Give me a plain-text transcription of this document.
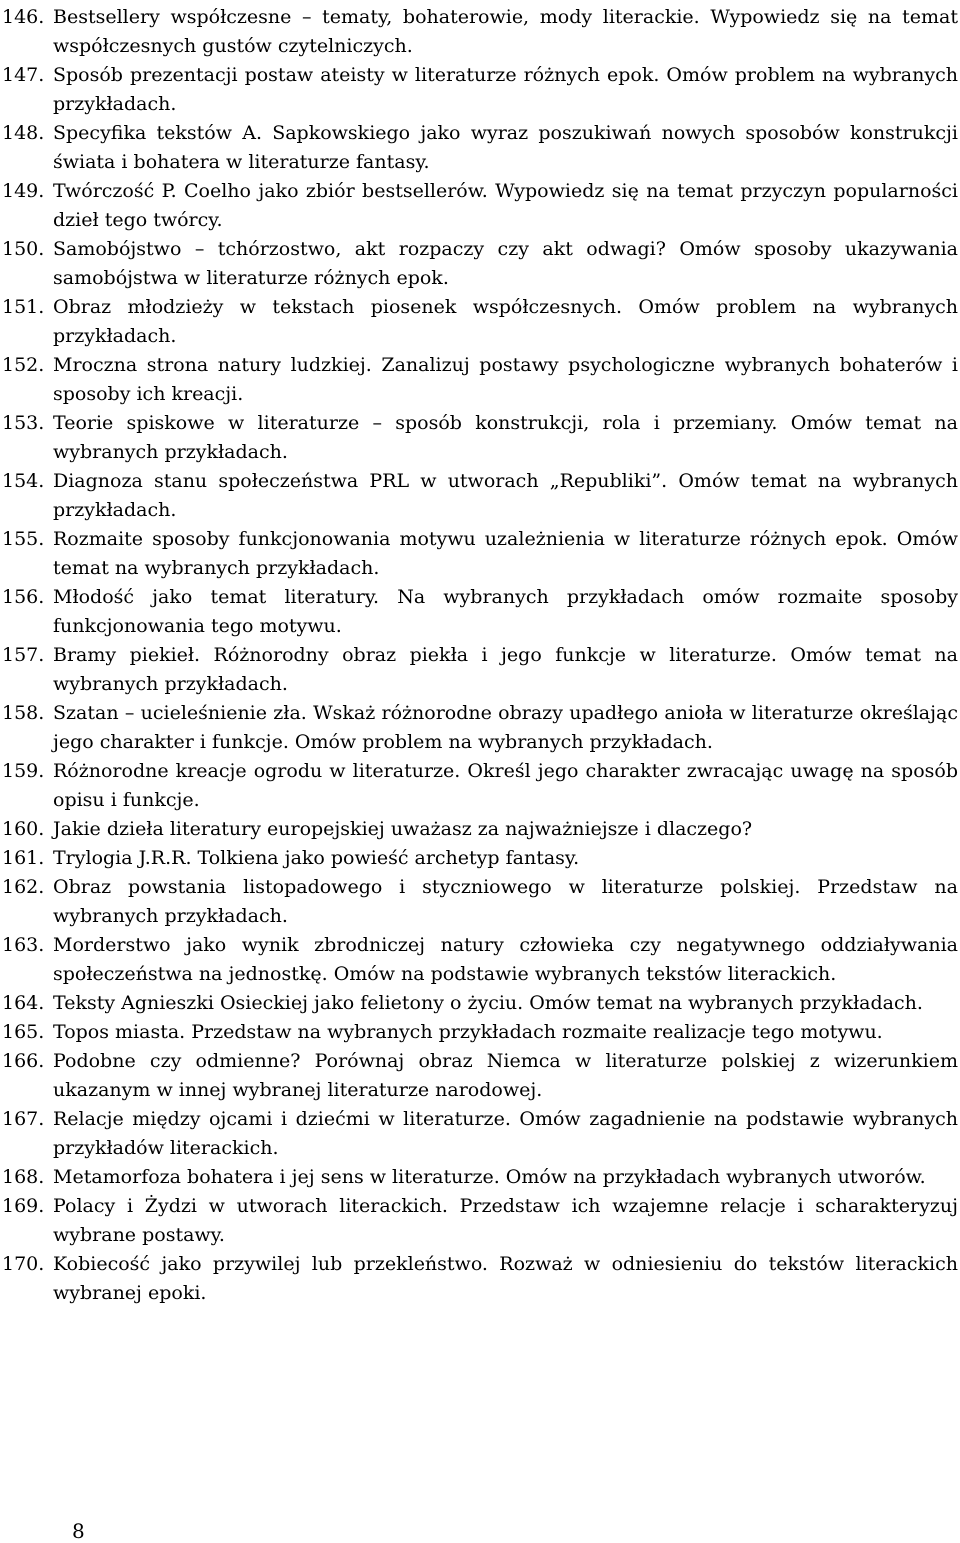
146. Bestsellery współczesne – tematy, bohaterowie, mody literackie. Wypowiedz się na temat współczesnych gustów czytelniczych.
147. Sposób prezentacji postaw ateisty w literaturze różnych epok. Omów problem na wybranych przykładach.
148. Specyfika tekstów A. Sapkowskiego jako wyraz poszukiwań nowych sposobów konstrukcji świata i bohatera w literaturze fantasy.
149. Twórczość P. Coelho jako zbiór bestsellerów. Wypowiedz się na temat przyczyn popularności dzieł tego twórcy.
150. Samobójstwo – tchórzostwo, akt rozpaczy czy akt odwagi? Omów sposoby ukazywania samobójstwa w literaturze różnych epok.
151. Obraz młodzieży w tekstach piosenek współczesnych. Omów problem na wybranych przykładach.
152. Mroczna strona natury ludzkiej. Zanalizuj postawy psychologiczne wybranych bohaterów i sposoby ich kreacji.
153. Teorie spiskowe w literaturze – sposób konstrukcji, rola i przemiany. Omów temat na wybranych przykładach.
154. Diagnoza stanu społeczeństwa PRL w utworach „Republiki”. Omów temat na wybranych przykładach.
155. Rozmaite sposoby funkcjonowania motywu uzależnienia w literaturze różnych epok. Omów temat na wybranych przykładach.
156. Młodość jako temat literatury. Na wybranych przykładach omów rozmaite sposoby funkcjonowania tego motywu.
157. Bramy piekieł. Różnorodny obraz piekła i jego funkcje w literaturze. Omów temat na wybranych przykładach.
158. Szatan – ucieleśnienie zła. Wskaż różnorodne obrazy upadłego anioła w literaturze określając jego charakter i funkcje. Omów problem na wybranych przykładach.
159. Różnorodne kreacje ogrodu w literaturze. Określ jego charakter zwracając uwagę na sposób opisu i funkcje.
160. Jakie dzieła literatury europejskiej uważasz za najważniejsze i dlaczego?
161. Trylogia J.R.R. Tolkiena jako powieść archetyp fantasy.
162. Obraz powstania listopadowego i styczniowego w literaturze polskiej. Przedstaw na wybranych przykładach.
163. Morderstwo jako wynik zbrodniczej natury człowieka czy negatywnego oddziaływania społeczeństwa na jednostkę. Omów na podstawie wybranych tekstów literackich.
164. Teksty Agnieszki Osieckiej jako felietony o życiu. Omów temat na wybranych przykładach.
165. Topos miasta. Przedstaw na wybranych przykładach rozmaite realizacje tego motywu.
166. Podobne czy odmienne? Porównaj obraz Niemca w literaturze polskiej z wizerunkiem ukazanym w innej wybranej literaturze narodowej.
167. Relacje między ojcami i dziećmi w literaturze. Omów zagadnienie na podstawie wybranych przykładów literackich.
168. Metamorfoza bohatera i jej sens w literaturze. Omów na przykładach wybranych utworów.
169. Polacy i Żydzi w utworach literackich. Przedstaw ich wzajemne relacje i scharakteryzuj wybrane postawy.
170. Kobiecość jako przywilej lub przekleństwo. Rozważ w odniesieniu do tekstów literackich wybranej epoki.
8
